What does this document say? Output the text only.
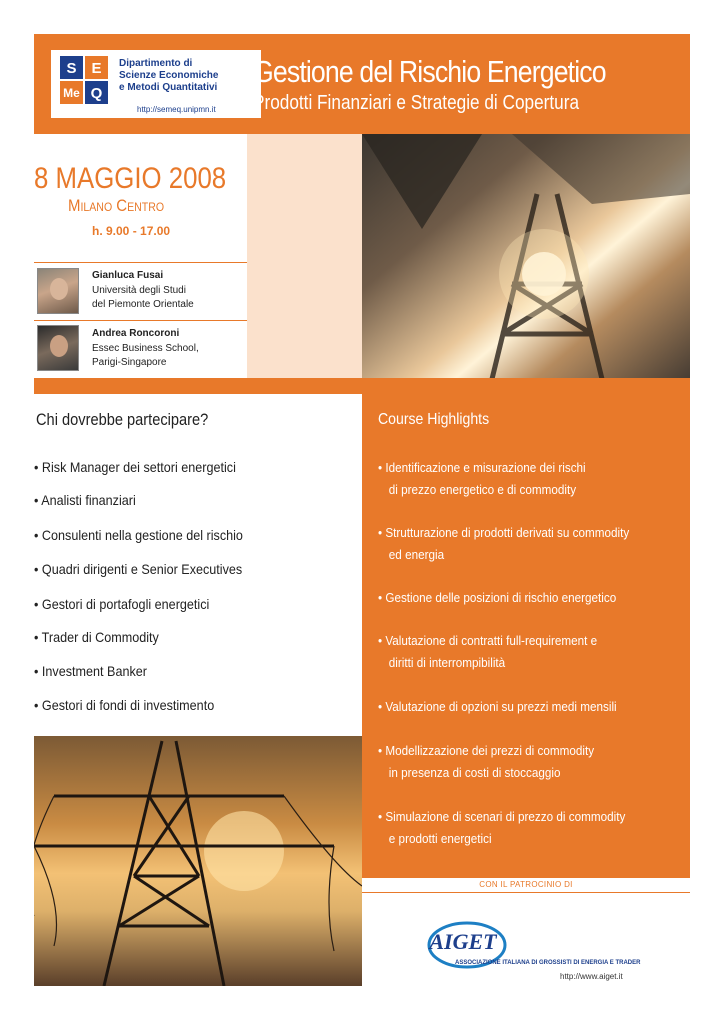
S E
Me Q
Dipartimento di
Scienze Economiche
e Metodi Quantitativi
http://semeq.unipmn.it
Gestione del Rischio Energetico
Prodotti Finanziari e Strategie di Copertura
8 MAGGIO 2008
Milano Centro
h. 9.00 - 17.00
Gianluca Fusai
Università degli Studi
del Piemonte Orientale
Andrea Roncoroni
Essec Business School,
Parigi-Singapore
Chi dovrebbe partecipare?
• Risk Manager dei settori energetici
• Analisti finanziari
• Consulenti nella gestione del rischio
• Quadri dirigenti e Senior Executives
• Gestori di portafogli energetici
• Trader di Commodity
• Investment Banker
• Gestori di fondi di investimento
Course Highlights
• Identificazione e misurazione dei rischi
di prezzo energetico e di commodity
• Strutturazione di prodotti derivati su commodity
ed energia
• Gestione delle posizioni di rischio energetico
• Valutazione di contratti full-requirement e
diritti di interrompibilità
• Valutazione di opzioni su prezzi medi mensili
• Modellizzazione dei prezzi di commodity
in presenza di costi di stoccaggio
• Simulazione di scenari di prezzo di commodity
e prodotti energetici
CON IL PATROCINIO DI
AIGET
ASSOCIAZIONE ITALIANA DI GROSSISTI DI ENERGIA E TRADER
http://www.aiget.it
